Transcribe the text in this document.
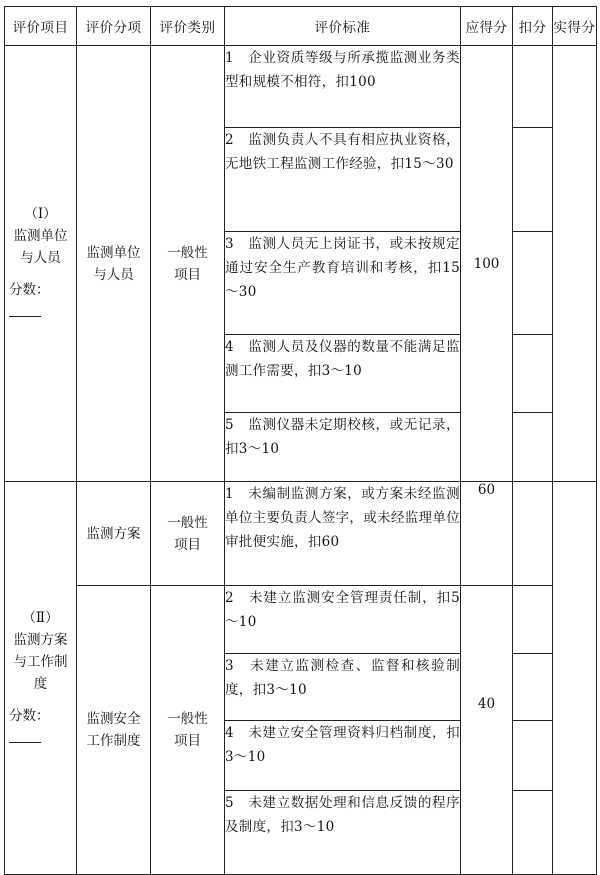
评价项目	评价分项	评价类别	评价标准	应得分	扣分	实得分

（Ⅰ）
监测单位与人员
分数：	监测单位与人员	一般性项目	1　企业资质等级与所承揽监测业务类型和规模不相符，扣100	100		
			2　监测负责人不具有相应执业资格，无地铁工程监测工作经验，扣15～30			
			3　监测人员无上岗证书，或未按规定通过安全生产教育培训和考核，扣15～30			
			4　监测人员及仪器的数量不能满足监测工作需要，扣3～10			
			5　监测仪器未定期校核，或无记录，扣3～10			

（Ⅱ）
监测方案与工作制度
分数：	监测方案	一般性项目	1　未编制监测方案，或方案未经监测单位主要负责人签字，或未经监理单位审批便实施，扣60	60		

	监测安全工作制度	一般性项目	2　未建立监测安全管理责任制，扣5～10	40		
			3　未建立监测检查、监督和核验制度，扣3～10			
			4　未建立安全管理资料归档制度，扣3～10			
			5　未建立数据处理和信息反馈的程序及制度，扣3～10			
